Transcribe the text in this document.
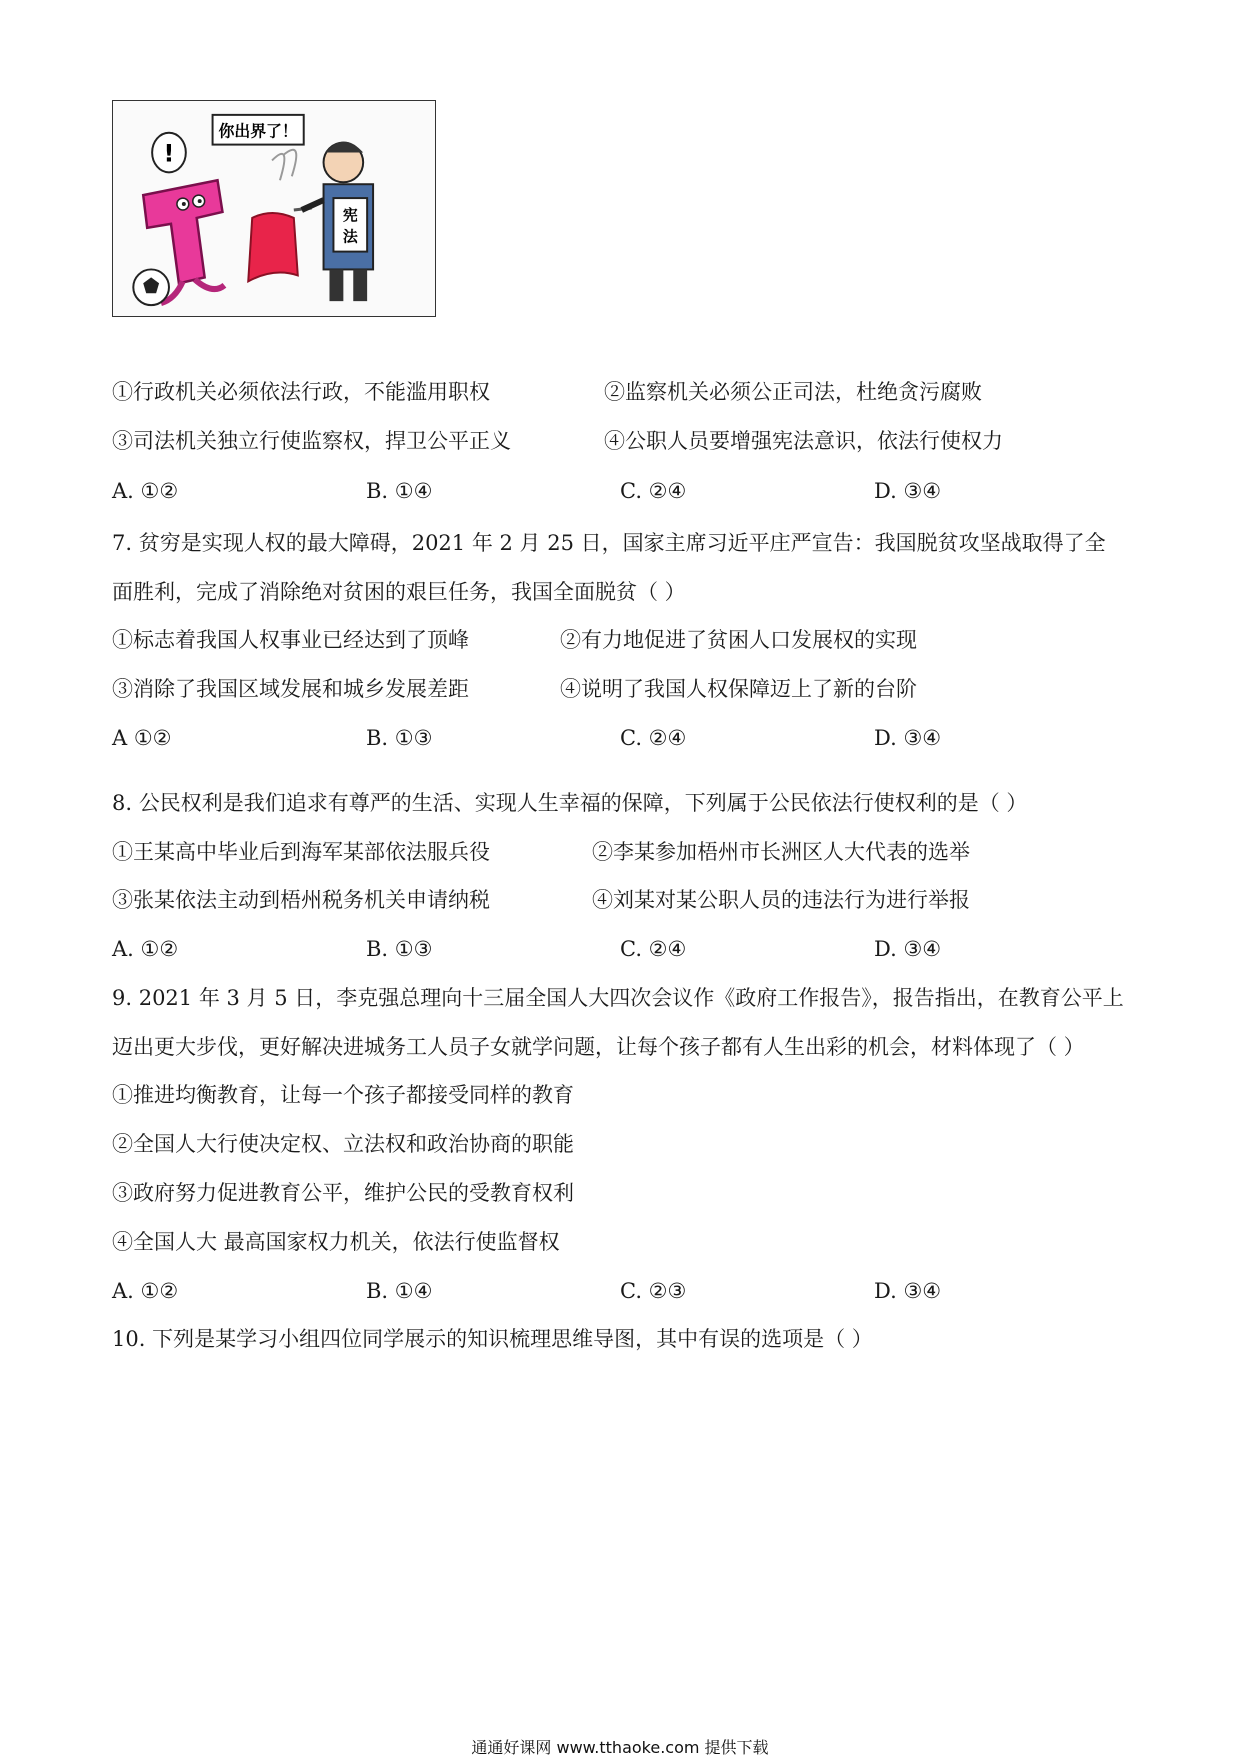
你出界了！
!
宪
法
①行政机关必须依法行政，不能滥用职权	②监察机关必须公正司法，杜绝贪污腐败
③司法机关独立行使监察权，捍卫公平正义	④公职人员要增强宪法意识，依法行使权力
A. ①②	B. ①④	C. ②④	D. ③④
7. 贫穷是实现人权的最大障碍，2021 年 2 月 25 日，国家主席习近平庄严宣告：我国脱贫攻坚战取得了全
面胜利，完成了消除绝对贫困的艰巨任务，我国全面脱贫（ ）
①标志着我国人权事业已经达到了顶峰	②有力地促进了贫困人口发展权的实现
③消除了我国区域发展和城乡发展差距	④说明了我国人权保障迈上了新的台阶
A ①②	B. ①③	C. ②④	D. ③④
8. 公民权利是我们追求有尊严的生活、实现人生幸福的保障，下列属于公民依法行使权利的是（ ）
①王某高中毕业后到海军某部依法服兵役	②李某参加梧州市长洲区人大代表的选举
③张某依法主动到梧州税务机关申请纳税	④刘某对某公职人员的违法行为进行举报
A. ①②	B. ①③	C. ②④	D. ③④
9. 2021 年 3 月 5 日，李克强总理向十三届全国人大四次会议作《政府工作报告》，报告指出，在教育公平上
迈出更大步伐，更好解决进城务工人员子女就学问题，让每个孩子都有人生出彩的机会，材料体现了（ ）
①推进均衡教育，让每一个孩子都接受同样的教育
②全国人大行使决定权、立法权和政治协商的职能
③政府努力促进教育公平，维护公民的受教育权利
④全国人大 最高国家权力机关，依法行使监督权
A. ①②	B. ①④	C. ②③	D. ③④
10. 下列是某学习小组四位同学展示的知识梳理思维导图，其中有误的选项是（ ）
通通好课网 www.tthaoke.com 提供下载
